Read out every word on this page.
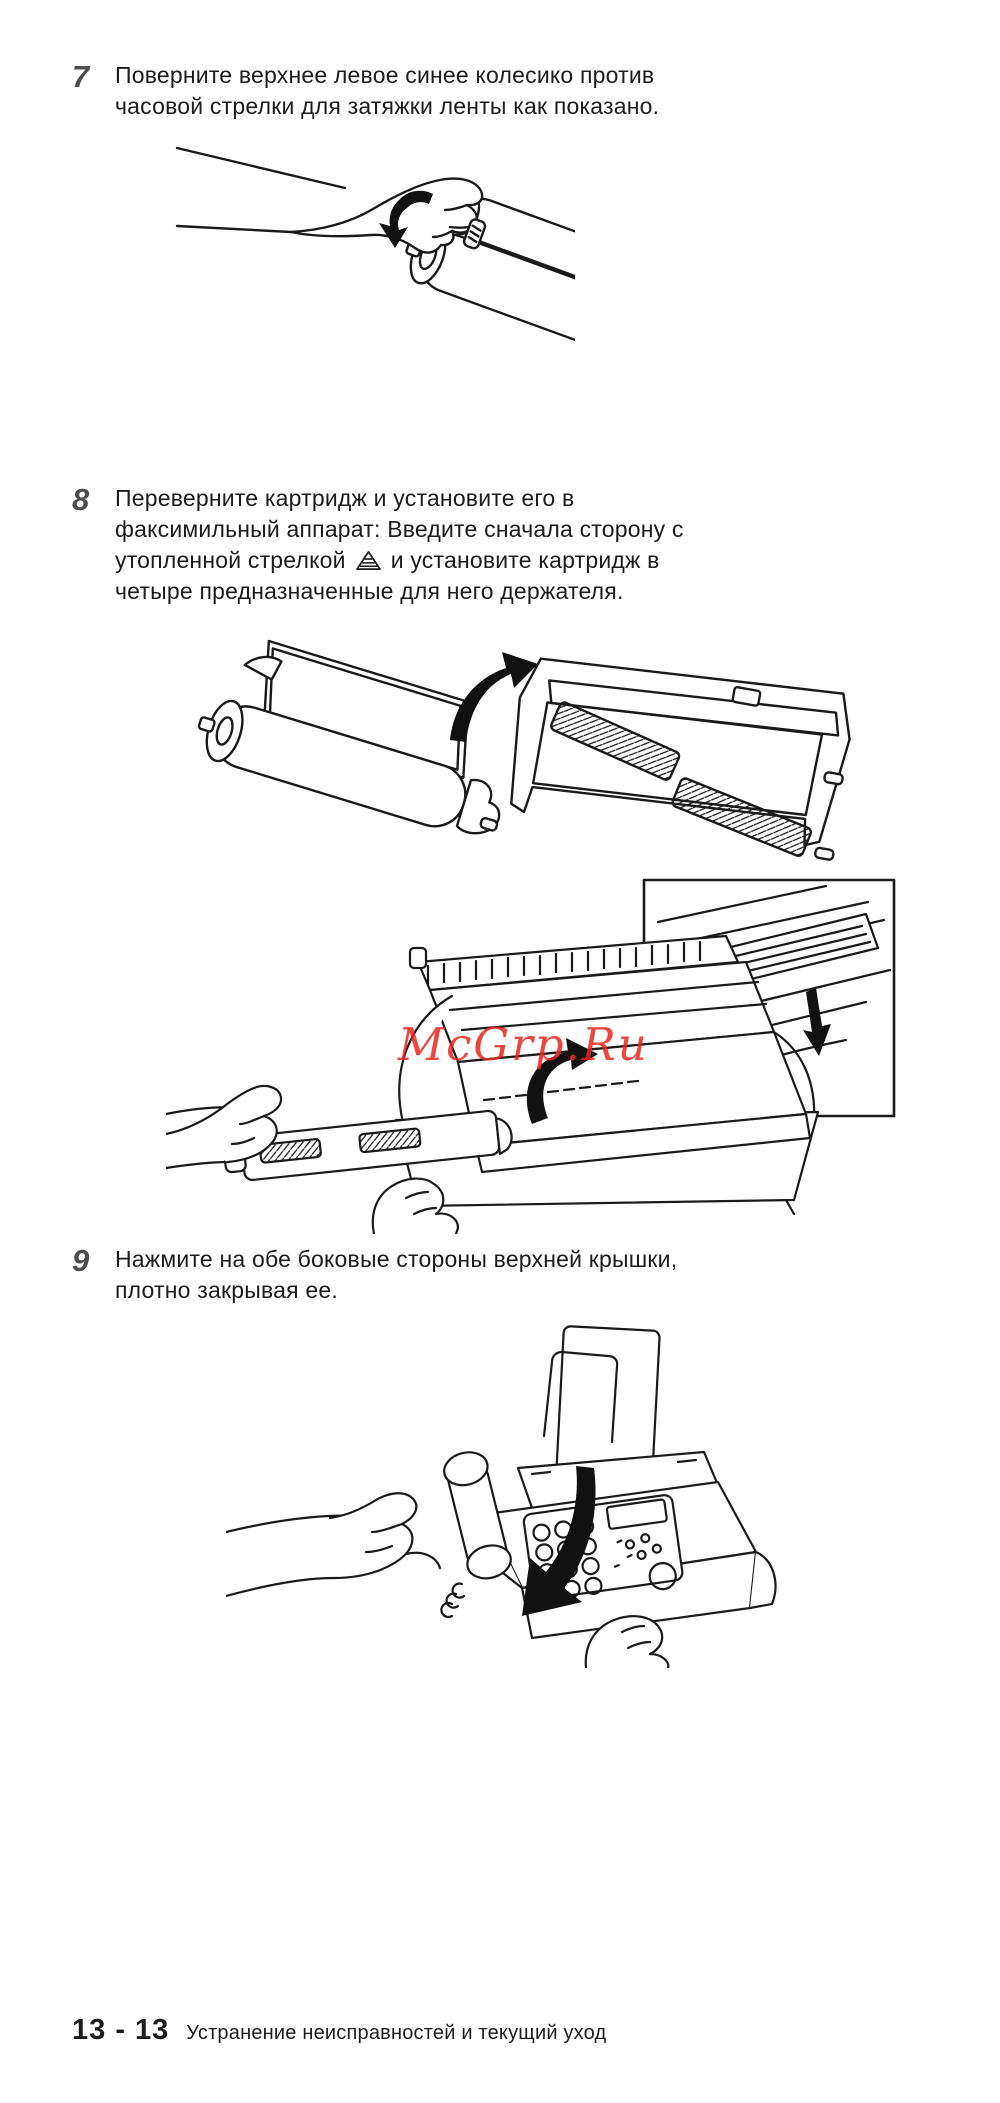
7	Поверните верхнее левое синее колесико против
часовой стрелки для затяжки ленты как показано.
8	Переверните картридж и установите его в
факсимильный аппарат: Введите сначала сторону с
утопленной стрелкой и установите картридж в
четыре предназначенные для него держателя.
McGrp.Ru
9	Нажмите на обе боковые стороны верхней крышки,
плотно закрывая ее.
13 - 13 Устранение неисправностей и текущий уход
